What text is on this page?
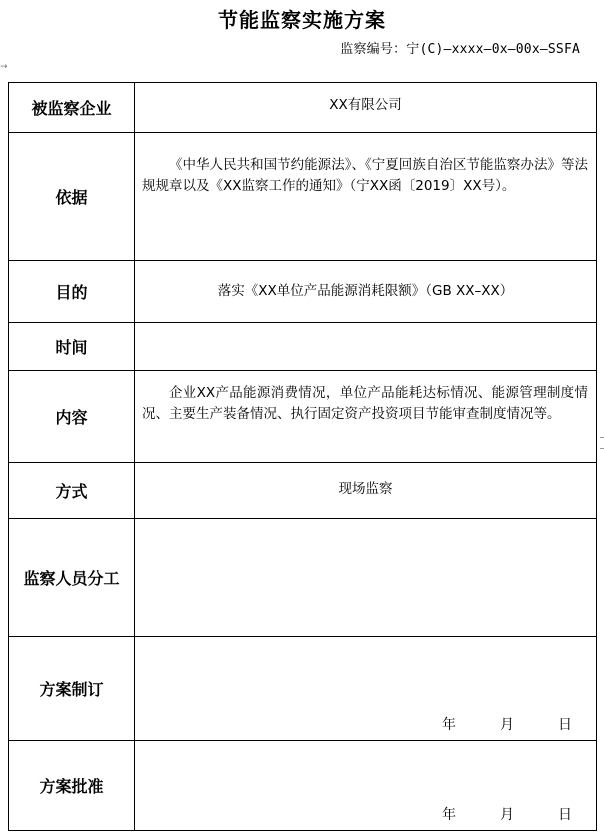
节能监察实施方案
监察编号：宁(C)–xxxx–0x–00x–SSFA
→
被监察企业	XX有限公司
依据	《中华人民共和国节约能源法》、《宁夏回族自治区节能监察办法》等法规规章以及《XX监察工作的通知》（宁XX函〔2019〕XX号）。
目的	落实《XX单位产品能源消耗限额》（GB XX–XX）
时间	
内容	企业XX产品能源消费情况，单位产品能耗达标情况、能源管理制度情况、主要生产装备情况、执行固定资产投资项目节能审查制度情况等。
方式	现场监察
监察人员分工	
方案制订	年 月 日

方案批准	年 月 日
